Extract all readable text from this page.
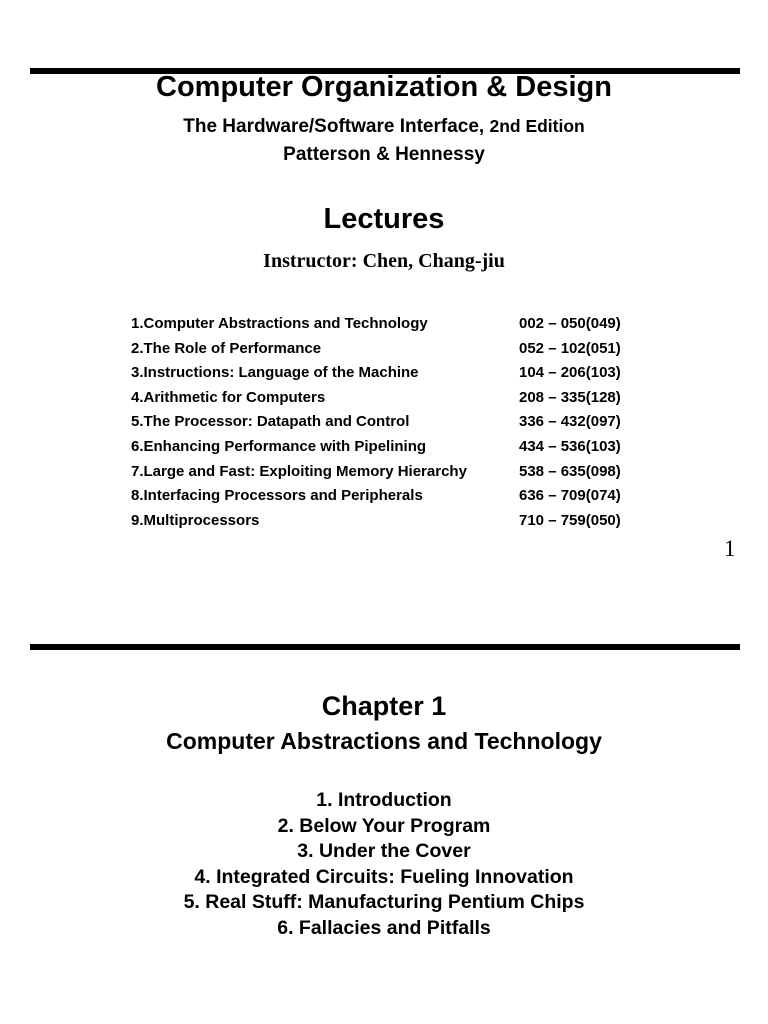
Computer Organization & Design
The Hardware/Software Interface, 2nd Edition
Patterson & Hennessy
Lectures
Instructor: Chen, Chang-jiu
1.Computer Abstractions and Technology	002 – 050(049)
2.The Role of Performance	052 – 102(051)
3.Instructions: Language of the Machine	104 – 206(103)
4.Arithmetic for Computers	208 – 335(128)
5.The Processor: Datapath and Control	336 – 432(097)
6.Enhancing Performance with Pipelining	434 – 536(103)
7.Large and Fast: Exploiting Memory Hierarchy	538 – 635(098)
8.Interfacing Processors and Peripherals	636 – 709(074)
9.Multiprocessors	710 – 759(050)
1
Chapter 1
Computer Abstractions and Technology
1. Introduction
2. Below Your Program
3. Under the Cover
4. Integrated Circuits: Fueling Innovation
5. Real Stuff: Manufacturing Pentium Chips
6. Fallacies and Pitfalls
